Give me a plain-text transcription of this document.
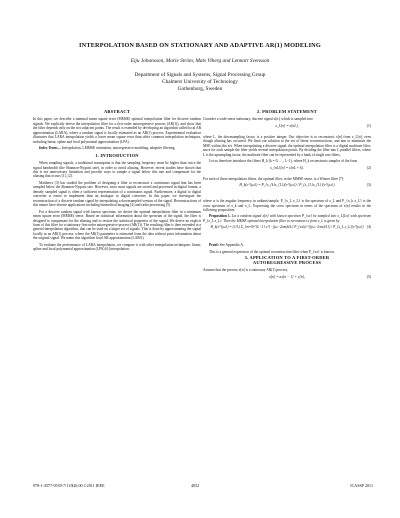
INTERPOLATION BASED ON STATIONARY AND ADAPTIVE AR(1) MODELING
Eiju Johansson, Marie Ström, Mats Viberg and Lennart Svensson
Department of Signals and Systems, Signal Processing Group
Chalmers University of Technology
Gothenburg, Sweden
ABSTRACT
In this paper, we describe a minimal mean square error (MMSE) optimal interpolation filter for discrete random signals. We explicitly derive the interpolation filter for a first-order autoregressive process (AR(1)), and show that the filter depends only on the two adjacent points. The result is extended by developing an algorithm called local AR approximation (LARA), where a random signal is locally estimated as an AR(1) process. Experimental evaluation illustrates that LARA interpolation yields a lower mean square error than other common interpolation techniques, including linear, spline and local polynomial approximation (LPA).
Index Terms— Interpolation, LMMSE estimation, autoregressive modeling, adaptive filtering
1. INTRODUCTION
When sampling signals, a traditional assumption is that the sampling frequency must be higher than twice the signal bandwidth (the Shannon-Nyquist rate), in order to avoid aliasing. However, recent studies have shown that this is not unnecessary limitation and provide ways to sample a signal below this rate and compensate for the aliasing that occurs [1], [2].
Matthews [3] has studied the problem of designing a filter to reconstruct a continuous signal that has been sampled below the Shannon-Nyquist rate. However, since most signals are stored and processed in digital format, a densely sampled signal is often a sufficient representation of a continuous signal. Furthermore, a digital to digital converter is easier to implement than an analogue to digital converter. In this paper, we investigate the reconstruction of a discrete random signal by interpolating a downsampled version of the signal. Reconstructions of this nature have diverse applications including biomedical imaging [4] and radio processing [5].
For a discrete random signal with known spectrum, we derive the optimal interpolation filter in a minimum mean square error (MMSE) sense. Based on statistical information about the spectrum of the signal, the filter is designed to compensate for the aliasing and to restore the statistical properties of the signal. We derive an explicit form of this filter for a stationary first-order autoregressive process (AR(1)). The resulting filter is then extended to a general interpolation algorithm, that can be used on a larger set of signals. This is done by approximating the signal locally as an AR(1) process, where the AR(1) parameter is estimated from the data without prior information about the original signal. We name this algorithm local AR approximation (LARA).
To evaluate the performance of LARA interpolation, we compare it with other interpolation techniques: linear, spline and local polynomial approximation (LPA) [6] interpolation.
2. PROBLEM STATEMENT
Consider a wide-sense stationary, discrete signal x[n], which is sampled into
x_L[n] = x[nL],	(1)
where L, the downsampling factor, is a positive integer. Our objective is to reconstruct x[n] from x_L[n], even though aliasing has occurred. We limit our solution to the set of linear reconstructions, and aim to minimize the MSE within this set. When interpolating a discrete signal, the optimal interpolation filter is a digital multirate filter, since for each sample the filter yields several interpolation points. By dividing the filter into L parallel filters, where L is the upsampling factor, the multirate filter can be represented by a bank of single rate filters.
Let us therefore introduce the filters H_k (k = 0, …, L−1), where H_k reconstructs samples of the form
x_{nL}[n] = x[nL + k].	(2)
For each of these interpolation filters, the optimal filter, in the MMSE sense, is a Wiener filter [7]:
H_k(e^{jω}) = P_{x_{k}x_{L}}(e^{jω}) / P_{x_{L}x_{L}}(e^{jω})	(3)
where ω is the angular frequency in radians/sample, P_{x_L x_L} is the spectrum of x_L and P_{x_k x_L} is the cross spectrum of x_k and x_L. Expressing the cross spectrum in terms of the spectrum of x[n] results in the following proposition.
Proposition 1. Let a random signal x[n] with known spectrum P_{xx} be sampled into x_L[Ln] with spectrum P_{x_L x_L}. Then the MMSE optimal interpolation filter to reconstruct x from x_L is given by
H_k(e^{jω}) = (1/L) Σ_{m=0}^{L−1} e^{−j(ω−2πm)k/L} P_{xx}(e^{j(ω−2πm)/L}) / P_{x_L x_L}(e^{jω}) (4)
Proof: See Appendix A.
This is a general expression of the optimal reconstruction filter when P_{xx} is known.
3. APPLICATION TO A FIRST-ORDER
AUTOREGRESSIVE PROCESS
Assume that the process x[n] is a stationary AR(1) process,
x[n] = ax[n − 1] + e[n],	(5)
978-1-4577-0539-7/11/$26.00 ©2011 IEEE	4052	ICASSP 2011
